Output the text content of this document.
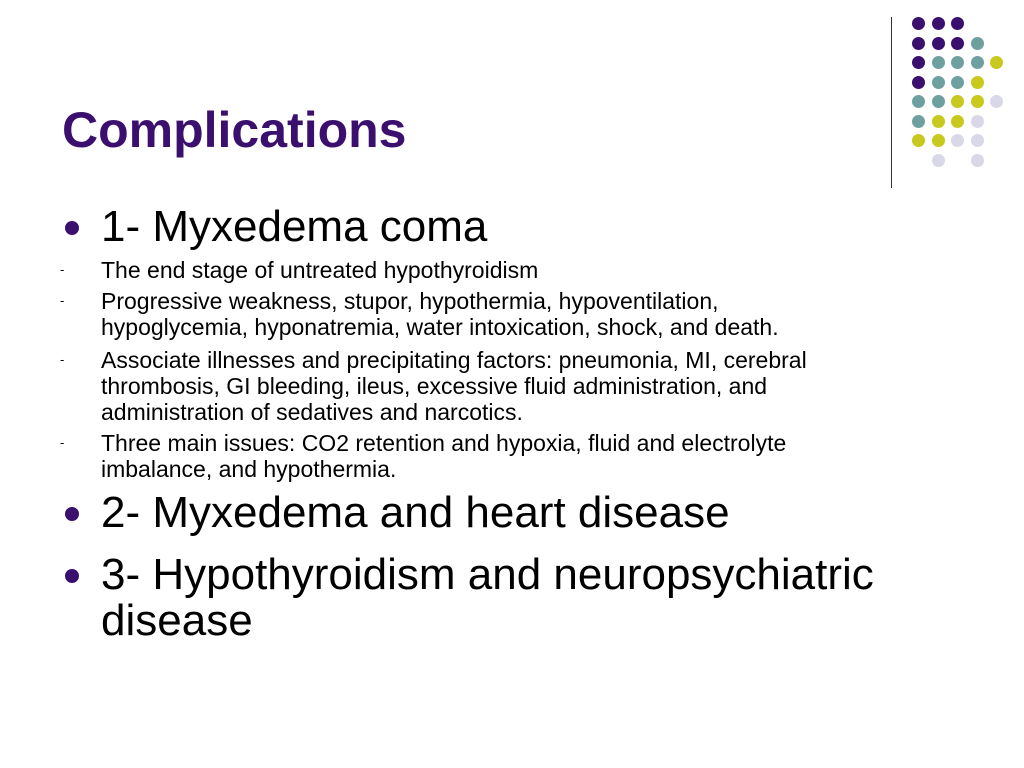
Complications
1- Myxedema coma
- The end stage of untreated hypothyroidism
- Progressive weakness, stupor, hypothermia, hypoventilation,
hypoglycemia, hyponatremia, water intoxication, shock, and death.
- Associate illnesses and precipitating factors: pneumonia, MI, cerebral
thrombosis, GI bleeding, ileus, excessive fluid administration, and
administration of sedatives and narcotics.
- Three main issues: CO2 retention and hypoxia, fluid and electrolyte
imbalance, and hypothermia.
2- Myxedema and heart disease
3- Hypothyroidism and neuropsychiatric
disease
